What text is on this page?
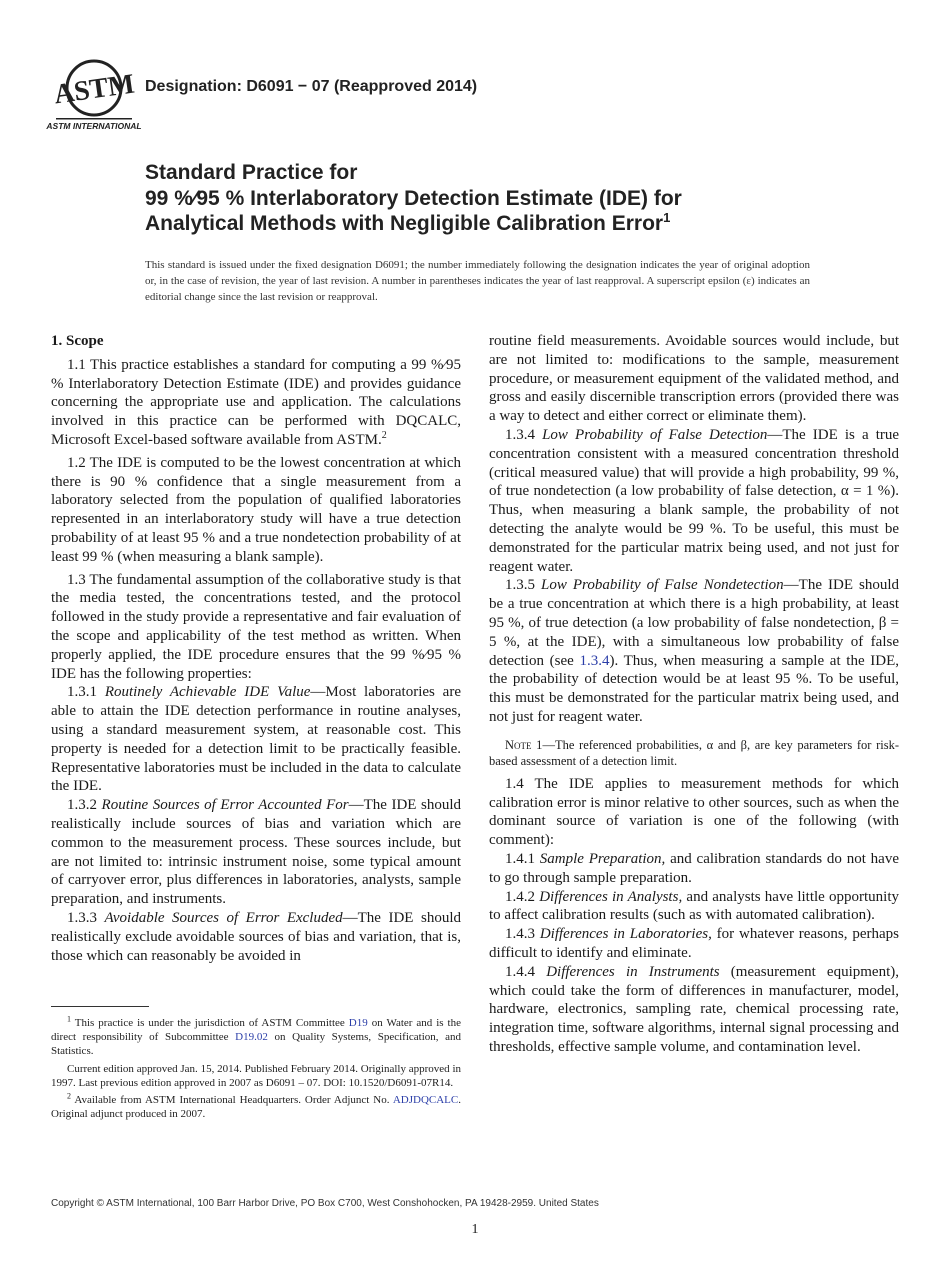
ASTM
ASTM INTERNATIONAL
Designation: D6091 − 07 (Reapproved 2014)
Standard Practice for
99 %⁄95 % Interlaboratory Detection Estimate (IDE) for
Analytical Methods with Negligible Calibration Error$^1$
This standard is issued under the fixed designation D6091; the number immediately following the designation indicates the year of original adoption or, in the case of revision, the year of last revision. A number in parentheses indicates the year of last reapproval. A superscript epsilon (ε) indicates an editorial change since the last revision or reapproval.

1. Scope

1.1 This practice establishes a standard for computing a 99 %⁄95 % Interlaboratory Detection Estimate (IDE) and provides guidance concerning the appropriate use and application. The calculations involved in this practice can be performed with DQCALC, Microsoft Excel-based software available from ASTM.$^2$

1.2 The IDE is computed to be the lowest concentration at which there is 90 % confidence that a single measurement from a laboratory selected from the population of qualified laboratories represented in an interlaboratory study will have a true detection probability of at least 95 % and a true nondetection probability of at least 99 % (when measuring a blank sample).

1.3 The fundamental assumption of the collaborative study is that the media tested, the concentrations tested, and the protocol followed in the study provide a representative and fair evaluation of the scope and applicability of the test method as written. When properly applied, the IDE procedure ensures that the 99 %⁄95 % IDE has the following properties:

1.3.1 Routinely Achievable IDE Value—Most laboratories are able to attain the IDE detection performance in routine analyses, using a standard measurement system, at reasonable cost. This property is needed for a detection limit to be practically feasible. Representative laboratories must be included in the data to calculate the IDE.

1.3.2 Routine Sources of Error Accounted For—The IDE should realistically include sources of bias and variation which are common to the measurement process. These sources include, but are not limited to: intrinsic instrument noise, some typical amount of carryover error, plus differences in laboratories, analysts, sample preparation, and instruments.

1.3.3 Avoidable Sources of Error Excluded—The IDE should realistically exclude avoidable sources of bias and variation, that is, those which can reasonably be avoided in

$^1$ This practice is under the jurisdiction of ASTM Committee D19 on Water and is the direct responsibility of Subcommittee D19.02 on Quality Systems, Specification, and Statistics.

Current edition approved Jan. 15, 2014. Published February 2014. Originally approved in 1997. Last previous edition approved in 2007 as D6091 – 07. DOI: 10.1520/D6091-07R14.

$^2$ Available from ASTM International Headquarters. Order Adjunct No. ADJDQCALC. Original adjunct produced in 2007.

routine field measurements. Avoidable sources would include, but are not limited to: modifications to the sample, measurement procedure, or measurement equipment of the validated method, and gross and easily discernible transcription errors (provided there was a way to detect and either correct or eliminate them).

1.3.4 Low Probability of False Detection—The IDE is a true concentration consistent with a measured concentration threshold (critical measured value) that will provide a high probability, 99 %, of true nondetection (a low probability of false detection, α = 1 %). Thus, when measuring a blank sample, the probability of not detecting the analyte would be 99 %. To be useful, this must be demonstrated for the particular matrix being used, and not just for reagent water.

1.3.5 Low Probability of False Nondetection—The IDE should be a true concentration at which there is a high probability, at least 95 %, of true detection (a low probability of false nondetection, β = 5 %, at the IDE), with a simultaneous low probability of false detection (see 1.3.4). Thus, when measuring a sample at the IDE, the probability of detection would be at least 95 %. To be useful, this must be demonstrated for the particular matrix being used, and not just for reagent water.

Note 1—The referenced probabilities, α and β, are key parameters for risk-based assessment of a detection limit.

1.4 The IDE applies to measurement methods for which calibration error is minor relative to other sources, such as when the dominant source of variation is one of the following (with comment):

1.4.1 Sample Preparation, and calibration standards do not have to go through sample preparation.

1.4.2 Differences in Analysts, and analysts have little opportunity to affect calibration results (such as with automated calibration).

1.4.3 Differences in Laboratories, for whatever reasons, perhaps difficult to identify and eliminate.

1.4.4 Differences in Instruments (measurement equipment), which could take the form of differences in manufacturer, model, hardware, electronics, sampling rate, chemical processing rate, integration time, software algorithms, internal signal processing and thresholds, effective sample volume, and contamination level.

Copyright © ASTM International, 100 Barr Harbor Drive, PO Box C700, West Conshohocken, PA 19428-2959. United States
1
